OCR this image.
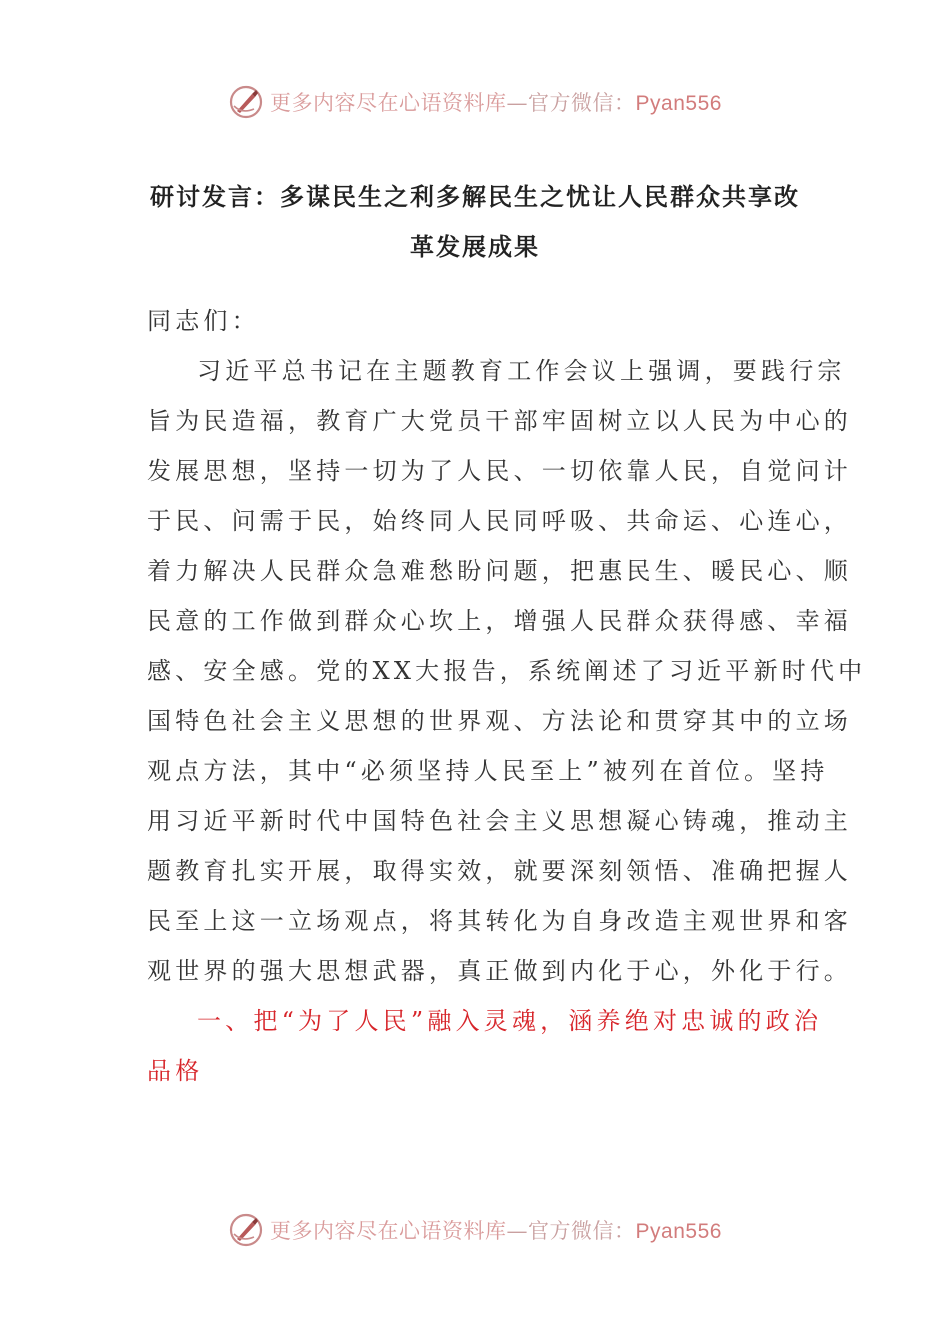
更多内容尽在心语资料库—官方微信：Pyan556
研讨发言：多谋民生之利多解民生之忧让人民群众共享改
革发展成果
同志们：
习近平总书记在主题教育工作会议上强调，要践行宗
旨为民造福，教育广大党员干部牢固树立以人民为中心的
发展思想，坚持一切为了人民、一切依靠人民，自觉问计
于民、问需于民，始终同人民同呼吸、共命运、心连心，
着力解决人民群众急难愁盼问题，把惠民生、暖民心、顺
民意的工作做到群众心坎上，增强人民群众获得感、幸福
感、安全感。党的XX大报告，系统阐述了习近平新时代中
国特色社会主义思想的世界观、方法论和贯穿其中的立场
观点方法，其中“必须坚持人民至上”被列在首位。坚持
用习近平新时代中国特色社会主义思想凝心铸魂，推动主
题教育扎实开展，取得实效，就要深刻领悟、准确把握人
民至上这一立场观点，将其转化为自身改造主观世界和客
观世界的强大思想武器，真正做到内化于心，外化于行。
一、把“为了人民”融入灵魂，涵养绝对忠诚的政治
品格
更多内容尽在心语资料库—官方微信：Pyan556
